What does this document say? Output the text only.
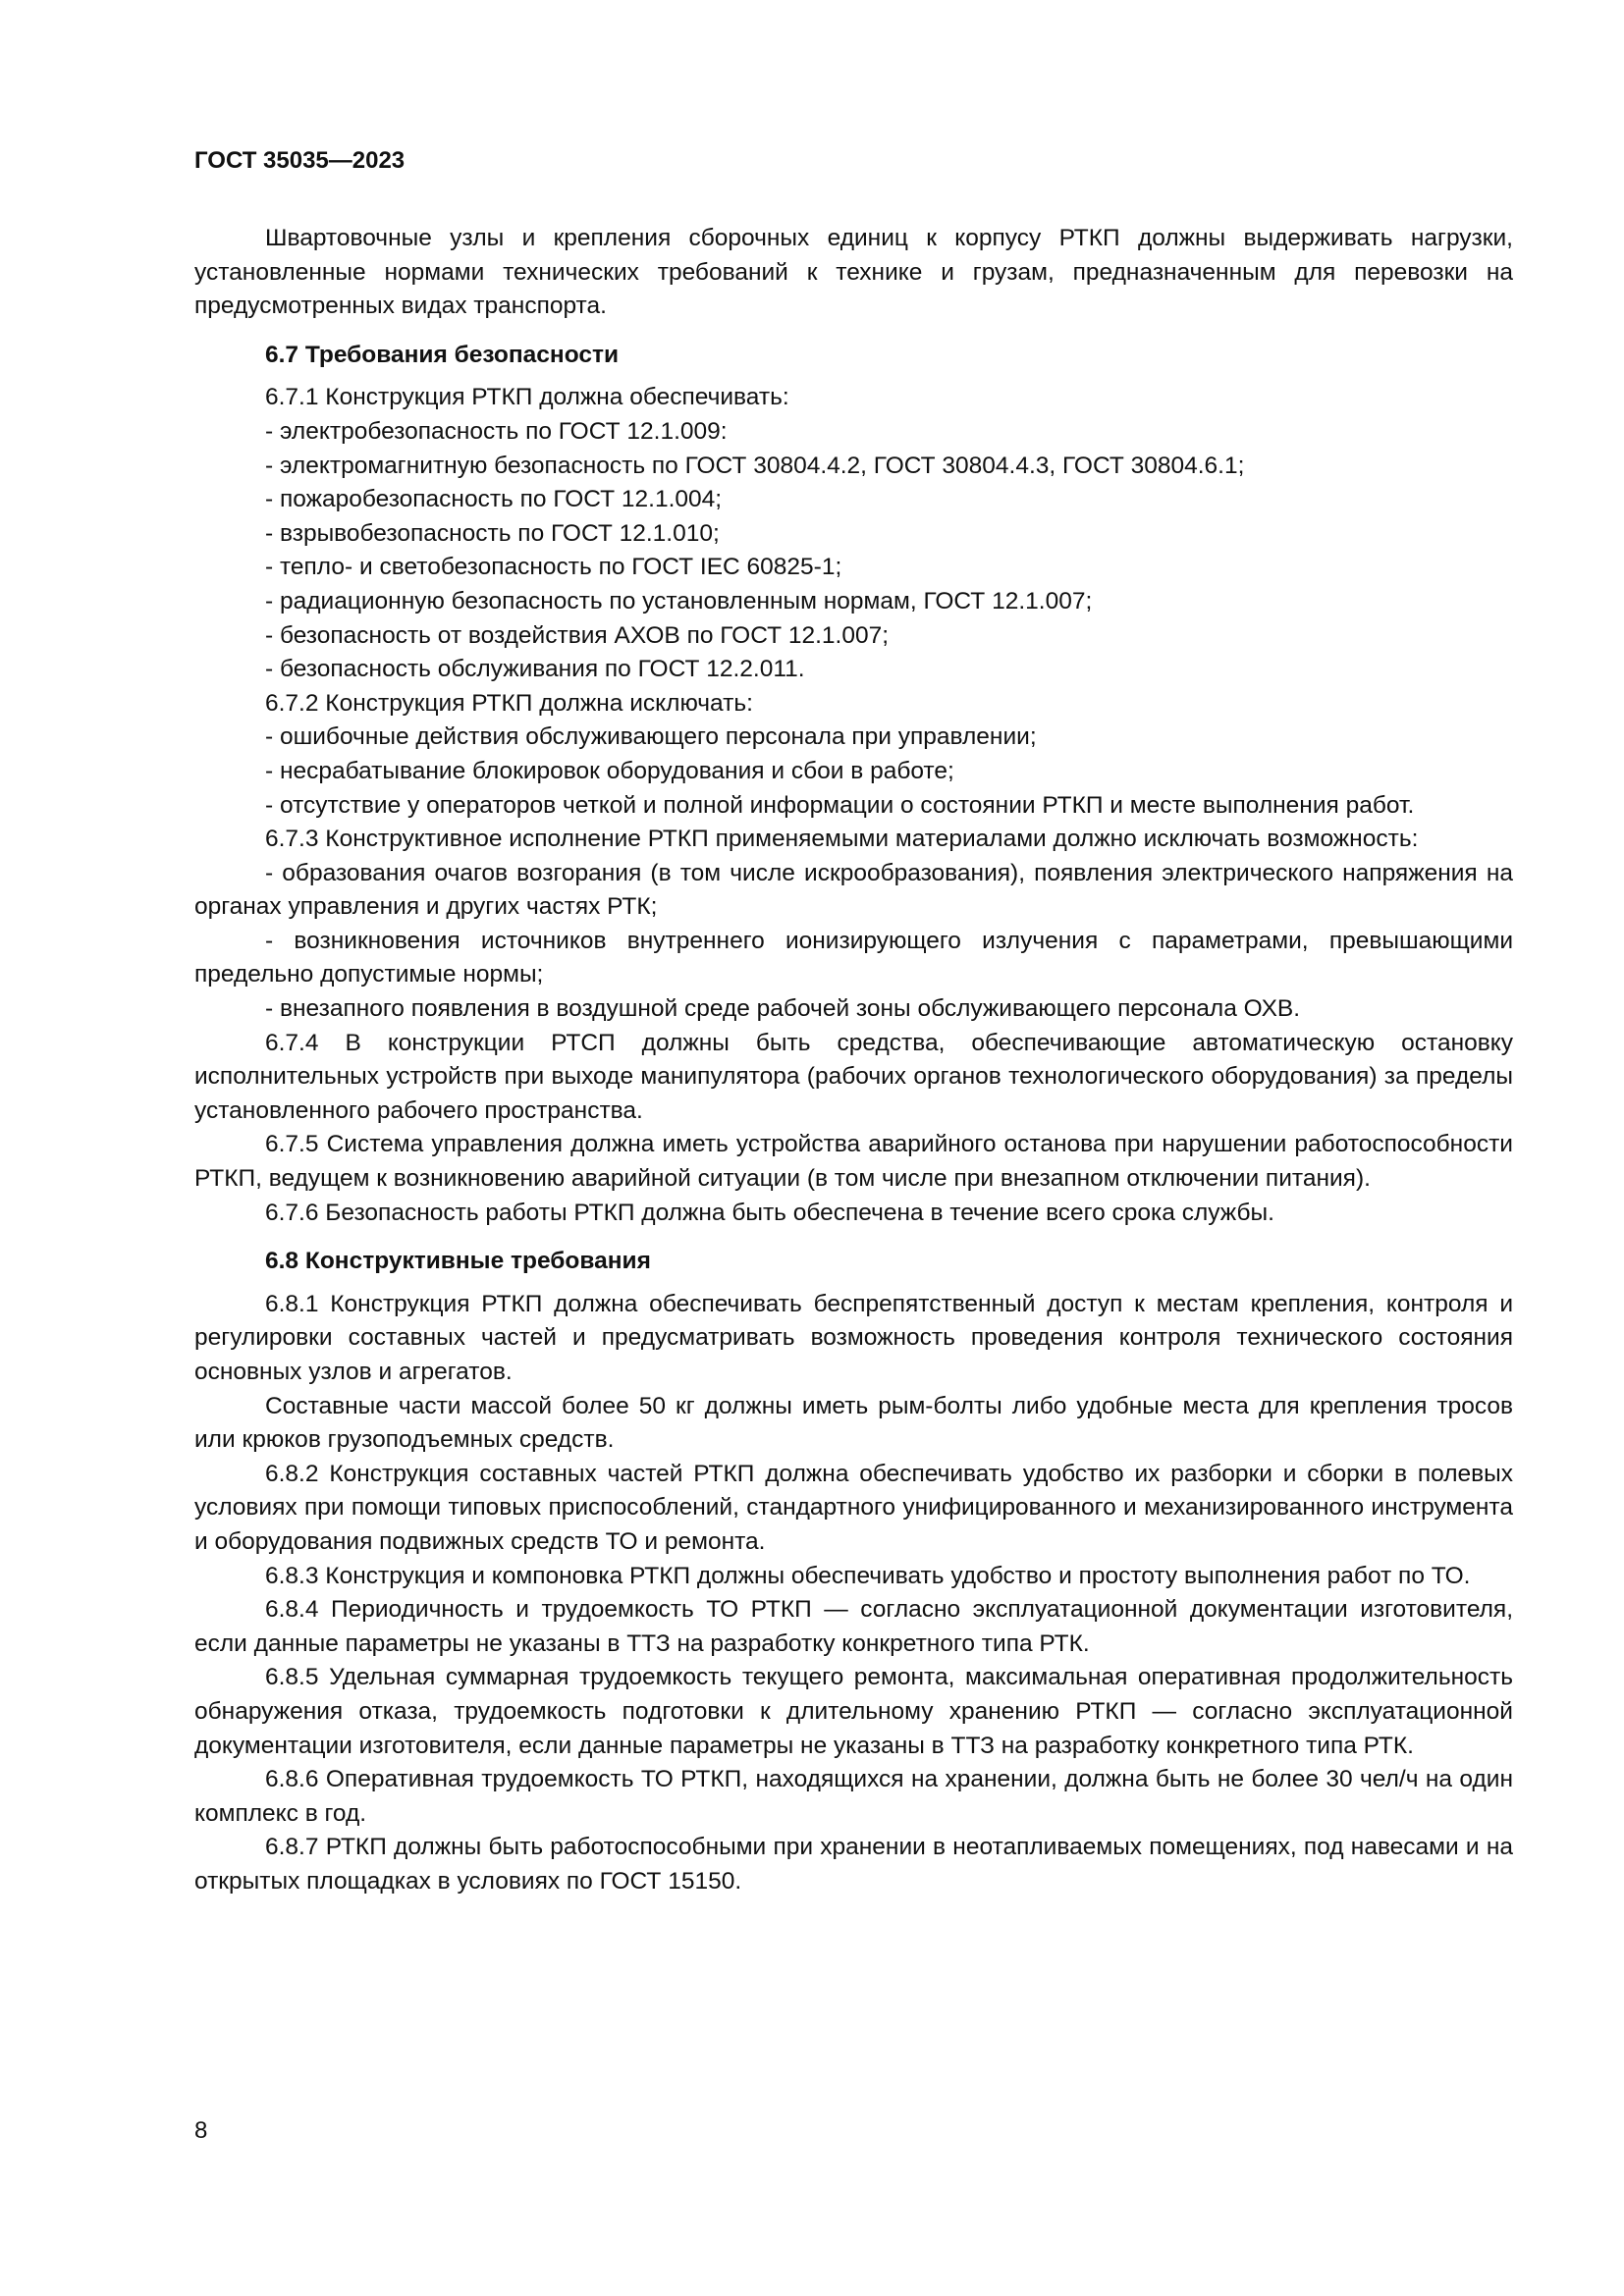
ГОСТ 35035—2023

Швартовочные узлы и крепления сборочных единиц к корпусу РТКП должны выдерживать нагрузки, установленные нормами технических требований к технике и грузам, предназначенным для перевозки на предусмотренных видах транспорта.

6.7 Требования безопасности

6.7.1 Конструкция РТКП должна обеспечивать:

- электробезопасность по ГОСТ 12.1.009:

- электромагнитную безопасность по ГОСТ 30804.4.2, ГОСТ 30804.4.3, ГОСТ 30804.6.1;

- пожаробезопасность по ГОСТ 12.1.004;

- взрывобезопасность по ГОСТ 12.1.010;

- тепло- и светобезопасность по ГОСТ IEC 60825-1;

- радиационную безопасность по установленным нормам, ГОСТ 12.1.007;

- безопасность от воздействия АХОВ по ГОСТ 12.1.007;

- безопасность обслуживания по ГОСТ 12.2.011.

6.7.2 Конструкция РТКП должна исключать:

- ошибочные действия обслуживающего персонала при управлении;

- несрабатывание блокировок оборудования и сбои в работе;

- отсутствие у операторов четкой и полной информации о состоянии РТКП и месте выполнения работ.

6.7.3 Конструктивное исполнение РТКП применяемыми материалами должно исключать возможность:

- образования очагов возгорания (в том числе искрообразования), появления электрического напряжения на органах управления и других частях РТК;

- возникновения источников внутреннего ионизирующего излучения с параметрами, превышающими предельно допустимые нормы;

- внезапного появления в воздушной среде рабочей зоны обслуживающего персонала ОХВ.

6.7.4 В конструкции РТСП должны быть средства, обеспечивающие автоматическую остановку исполнительных устройств при выходе манипулятора (рабочих органов технологического оборудования) за пределы установленного рабочего пространства.

6.7.5 Система управления должна иметь устройства аварийного останова при нарушении работоспособности РТКП, ведущем к возникновению аварийной ситуации (в том числе при внезапном отключении питания).

6.7.6 Безопасность работы РТКП должна быть обеспечена в течение всего срока службы.

6.8 Конструктивные требования

6.8.1 Конструкция РТКП должна обеспечивать беспрепятственный доступ к местам крепления, контроля и регулировки составных частей и предусматривать возможность проведения контроля технического состояния основных узлов и агрегатов.

Составные части массой более 50 кг должны иметь рым-болты либо удобные места для крепления тросов или крюков грузоподъемных средств.

6.8.2 Конструкция составных частей РТКП должна обеспечивать удобство их разборки и сборки в полевых условиях при помощи типовых приспособлений, стандартного унифицированного и механизированного инструмента и оборудования подвижных средств ТО и ремонта.

6.8.3 Конструкция и компоновка РТКП должны обеспечивать удобство и простоту выполнения работ по ТО.

6.8.4 Периодичность и трудоемкость ТО РТКП — согласно эксплуатационной документации изготовителя, если данные параметры не указаны в ТТЗ на разработку конкретного типа РТК.

6.8.5 Удельная суммарная трудоемкость текущего ремонта, максимальная оперативная продолжительность обнаружения отказа, трудоемкость подготовки к длительному хранению РТКП — согласно эксплуатационной документации изготовителя, если данные параметры не указаны в ТТЗ на разработку конкретного типа РТК.

6.8.6 Оперативная трудоемкость ТО РТКП, находящихся на хранении, должна быть не более 30 чел/ч на один комплекс в год.

6.8.7 РТКП должны быть работоспособными при хранении в неотапливаемых помещениях, под навесами и на открытых площадках в условиях по ГОСТ 15150.

8
